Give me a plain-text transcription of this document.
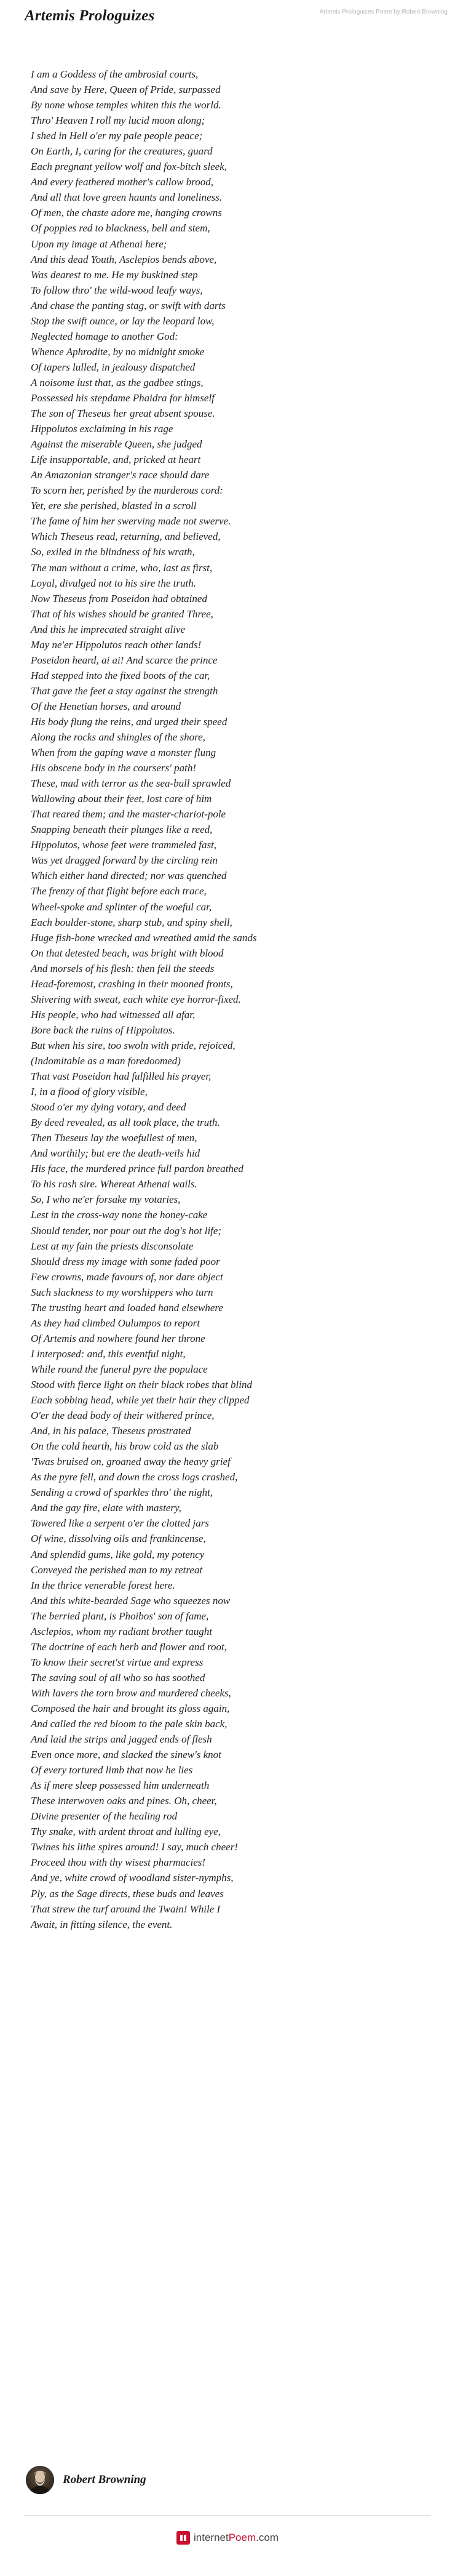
Artemis Prologuizes	Artemis Prologuizes Poem by Robert Browning
I am a Goddess of the ambrosial courts,
And save by Here, Queen of Pride, surpassed
By none whose temples whiten this the world.
Thro' Heaven I roll my lucid moon along;
I shed in Hell o'er my pale people peace;
On Earth, I, caring for the creatures, guard
Each pregnant yellow wolf and fox-bitch sleek,
And every feathered mother's callow brood,
And all that love green haunts and loneliness.
Of men, the chaste adore me, hanging crowns
Of poppies red to blackness, bell and stem,
Upon my image at Athenai here;
And this dead Youth, Asclepios bends above,
Was dearest to me. He my buskined step
To follow thro' the wild-wood leafy ways,
And chase the panting stag, or swift with darts
Stop the swift ounce, or lay the leopard low,
Neglected homage to another God:
Whence Aphrodite, by no midnight smoke
Of tapers lulled, in jealousy dispatched
A noisome lust that, as the gadbee stings,
Possessed his stepdame Phaidra for himself
The son of Theseus her great absent spouse.
Hippolutos exclaiming in his rage
Against the miserable Queen, she judged
Life insupportable, and, pricked at heart
An Amazonian stranger's race should dare
To scorn her, perished by the murderous cord:
Yet, ere she perished, blasted in a scroll
The fame of him her swerving made not swerve.
Which Theseus read, returning, and believed,
So, exiled in the blindness of his wrath,
The man without a crime, who, last as first,
Loyal, divulged not to his sire the truth.
Now Theseus from Poseidon had obtained
That of his wishes should be granted Three,
And this he imprecated straight alive
May ne'er Hippolutos reach other lands!
Poseidon heard, ai ai! And scarce the prince
Had stepped into the fixed boots of the car,
That gave the feet a stay against the strength
Of the Henetian horses, and around
His body flung the reins, and urged their speed
Along the rocks and shingles of the shore,
When from the gaping wave a monster flung
His obscene body in the coursers' path!
These, mad with terror as the sea-bull sprawled
Wallowing about their feet, lost care of him
That reared them; and the master-chariot-pole
Snapping beneath their plunges like a reed,
Hippolutos, whose feet were trammeled fast,
Was yet dragged forward by the circling rein
Which either hand directed; nor was quenched
The frenzy of that flight before each trace,
Wheel-spoke and splinter of the woeful car,
Each boulder-stone, sharp stub, and spiny shell,
Huge fish-bone wrecked and wreathed amid the sands
On that detested beach, was bright with blood
And morsels of his flesh: then fell the steeds
Head-foremost, crashing in their mooned fronts,
Shivering with sweat, each white eye horror-fixed.
His people, who had witnessed all afar,
Bore back the ruins of Hippolutos.
But when his sire, too swoln with pride, rejoiced,
(Indomitable as a man foredoomed)
That vast Poseidon had fulfilled his prayer,
I, in a flood of glory visible,
Stood o'er my dying votary, and deed
By deed revealed, as all took place, the truth.
Then Theseus lay the woefullest of men,
And worthily; but ere the death-veils hid
His face, the murdered prince full pardon breathed
To his rash sire. Whereat Athenai wails.
So, I who ne'er forsake my votaries,
Lest in the cross-way none the honey-cake
Should tender, nor pour out the dog's hot life;
Lest at my fain the priests disconsolate
Should dress my image with some faded poor
Few crowns, made favours of, nor dare object
Such slackness to my worshippers who turn
The trusting heart and loaded hand elsewhere
As they had climbed Oulumpos to report
Of Artemis and nowhere found her throne
I interposed: and, this eventful night,
While round the funeral pyre the populace
Stood with fierce light on their black robes that blind
Each sobbing head, while yet their hair they clipped
O'er the dead body of their withered prince,
And, in his palace, Theseus prostrated
On the cold hearth, his brow cold as the slab
'Twas bruised on, groaned away the heavy grief
As the pyre fell, and down the cross logs crashed,
Sending a crowd of sparkles thro' the night,
And the gay fire, elate with mastery,
Towered like a serpent o'er the clotted jars
Of wine, dissolving oils and frankincense,
And splendid gums, like gold, my potency
Conveyed the perished man to my retreat
In the thrice venerable forest here.
And this white-bearded Sage who squeezes now
The berried plant, is Phoibos' son of fame,
Asclepios, whom my radiant brother taught
The doctrine of each herb and flower and root,
To know their secret'st virtue and express
The saving soul of all who so has soothed
With lavers the torn brow and murdered cheeks,
Composed the hair and brought its gloss again,
And called the red bloom to the pale skin back,
And laid the strips and jagged ends of flesh
Even once more, and slacked the sinew's knot
Of every tortured limb that now he lies
As if mere sleep possessed him underneath
These interwoven oaks and pines. Oh, cheer,
Divine presenter of the healing rod
Thy snake, with ardent throat and lulling eye,
Twines his lithe spires around! I say, much cheer!
Proceed thou with thy wisest pharmacies!
And ye, white crowd of woodland sister-nymphs,
Ply, as the Sage directs, these buds and leaves
That strew the turf around the Twain! While I
Await, in fitting silence, the event.
Robert Browning
internetPoem.com
